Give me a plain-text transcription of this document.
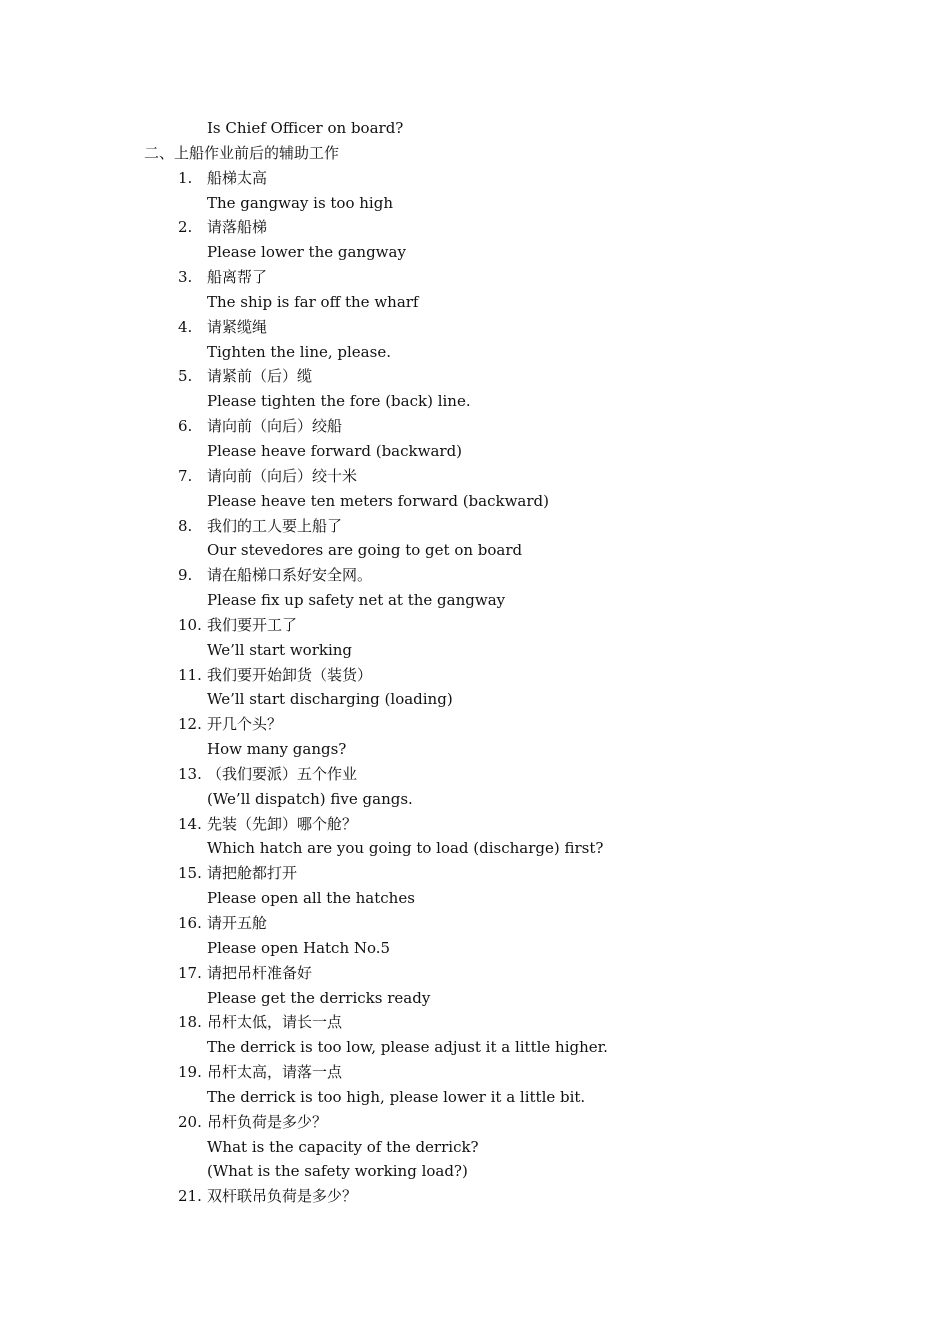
Is Chief Officer on board?
二、上船作业前后的辅助工作
1. 船梯太高
The gangway is too high
2. 请落船梯
Please lower the gangway
3. 船离帮了
The ship is far off the wharf
4. 请紧缆绳
Tighten the line, please.
5. 请紧前（后）缆
Please tighten the fore (back) line.
6. 请向前（向后）绞船
Please heave forward (backward)
7. 请向前（向后）绞十米
Please heave ten meters forward (backward)
8. 我们的工人要上船了
Our stevedores are going to get on board
9. 请在船梯口系好安全网。
Please fix up safety net at the gangway
10. 我们要开工了
We’ll start working
11. 我们要开始卸货（装货）
We’ll start discharging (loading)
12. 开几个头？
How many gangs?
13. （我们要派）五个作业
(We’ll dispatch) five gangs.
14. 先装（先卸）哪个舱？
Which hatch are you going to load (discharge) first?
15. 请把舱都打开
Please open all the hatches
16. 请开五舱
Please open Hatch No.5
17. 请把吊杆准备好
Please get the derricks ready
18. 吊杆太低，请长一点
The derrick is too low, please adjust it a little higher.
19. 吊杆太高，请落一点
The derrick is too high, please lower it a little bit.
20. 吊杆负荷是多少？
What is the capacity of the derrick?
(What is the safety working load?)
21. 双杆联吊负荷是多少？
